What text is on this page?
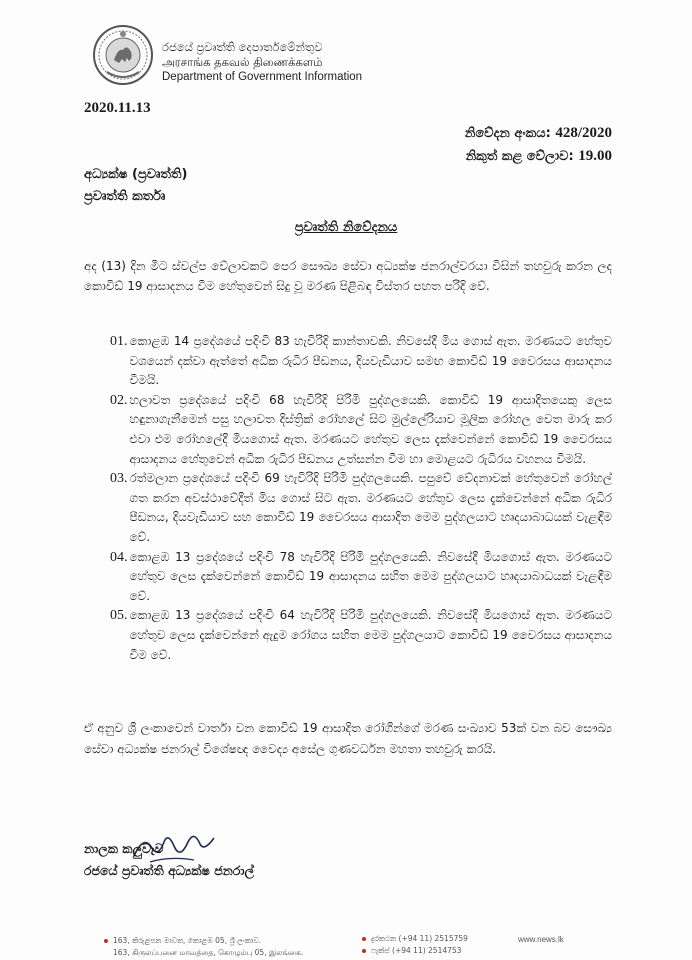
රජයේ ප්‍රවෘත්ති දෙපාර්තමේන්තුව
அரசாங்க தகவல் திணைக்களம்
Department of Government Information
2020.11.13
නිවේදන අංකය: 428/2020
නිකුත් කළ වේලාව: 19.00
අධ්‍යක්ෂ (ප්‍රවෘත්ති)
ප්‍රවෘත්ති කර්තෘ
ප්‍රවෘත්ති නිවේදනය
අද (13) දින මීට ස්වල්ප වේලාවකට පෙර සෞඛ්‍ය සේවා අධ්‍යක්ෂ ජනරාල්වරයා විසින් තහවුරු කරන ලද කොවිඩ් 19 ආසාදනය වීම හේතුවෙන් සිදු වූ මරණ පිළිබඳ විස්තර පහත පරිදි වේ.
01. කොළඹ 14 ප්‍රදේශයේ පදිංචි 83 හැවිරිදි කාන්තාවකි. නිවසේදී මිය ගොස් ඇත. මරණයට හේතුව වශයෙන් දක්වා ඇත්තේ අධික රුධිර පීඩනය, දියවැඩියාව සමඟ කොවිඩ් 19 වෛරසය ආසාදනය වීමයි.
02. හලාවත ප්‍රදේශයේ පදිංචි 68 හැවිරිදි පිරිමි පුද්ගලයෙකි. කොවිඩ් 19 ආසාදිතයෙකු ලෙස හඳුනාගැනීමෙන් පසු හලාවත දිස්ත්‍රික් රෝහලේ සිට මුල්ලේරියාව මූලික රෝහල වෙත මාරු කර එවා එම රෝහලේදී මියගොස් ඇත. මරණයට හේතුව ලෙස දැක්වෙන්නේ කොවිඩ් 19 වෛරසය ආසාදනය හේතුවෙන් අධික රුධිර පීඩනය උත්සන්න වීම හා මොළයට රුධිරය වහනය වීමයි.
03. රත්මලාන ප්‍රදේශයේ පදිංචි 69 හැවිරිදි පිරිමි පුද්ගලයෙකි. පපුවේ වේදනාවක් හේතුවෙන් රෝහල් ගත කරන අවස්ථාවේදීත් මිය ගොස් සිට ඇත. මරණයට හේතුව ලෙස දැක්වෙන්නේ අධික රුධිර පීඩනය, දියවැඩියාව සහ කොවිඩ් 19 වෛරසය ආසාදිත මෙම පුද්ගලයාට හෘදයාබාධයක් වැළඳීම වේ.
04. කොළඹ 13 ප්‍රදේශයේ පදිංචි 78 හැවිරිදි පිරිමි පුද්ගලයෙකි. නිවසේදී මියගොස් ඇත. මරණයට හේතුව ලෙස දැක්වෙන්නේ කොවිඩ් 19 ආසාදනය සහිත මෙම පුද්ගලයාට හෘදයාබාධයක් වැළඳීම වේ.
05. කොළඹ 13 ප්‍රදේශයේ පදිංචි 64 හැවිරිදි පිරිමි පුද්ගලයෙකි. නිවසේදී මියගොස් ඇත. මරණයට හේතුව ලෙස දැක්වෙන්නේ ඇදුම රෝගය සහිත මෙම පුද්ගලයාට කොවිඩ් 19 වෛරසය ආසාදනය වීම වේ.
ඒ අනුව ශ්‍රී ලංකාවෙන් වාර්තා වන කොවිඩ් 19 ආසාදිත රෝගීන්ගේ මරණ සංඛ්‍යාව 53ක් වන බව සෞඛ්‍ය සේවා අධ්‍යක්ෂ ජනරාල් විශේෂඥ වෛද්‍ය අසේල ගුණවර්ධන මහතා තහවුරු කරයි.
නාලක කලුවැව
රජයේ ප්‍රවෘත්ති අධ්‍යක්ෂ ජනරාල්
163, කිරුළපන මාවත, කොළඹ 05, ශ්‍රී ලංකාව.
163, கிருலப்பனை மாவத்தை, கொழும்பு 05, இலங்கை.
දුරකථන (+94 11) 2515759
ෆැක්ස් (+94 11) 2514753
www.news.lk
